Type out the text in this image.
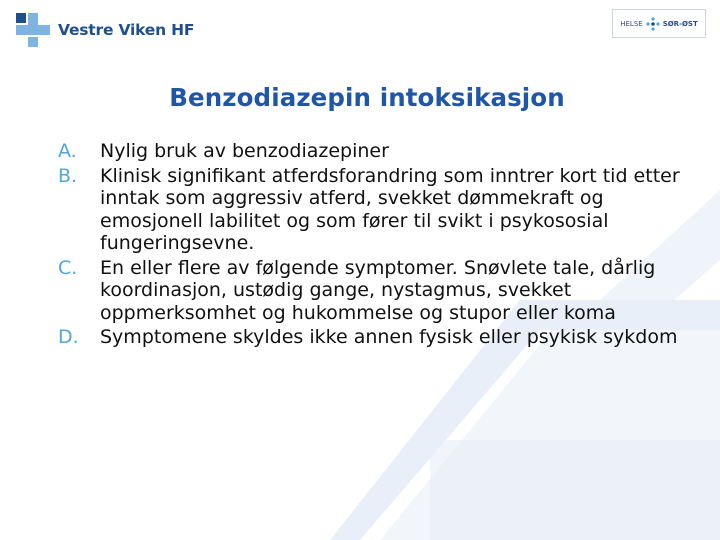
Vestre Viken HF	HELSE	SØR-ØST
Benzodiazepin intoksikasjon
A.	Nylig bruk av benzodiazepiner
B.	Klinisk signifikant atferdsforandring som inntrer kort tid etter inntak som aggressiv atferd, svekket dømmekraft og emosjonell labilitet og som fører til svikt i psykososial fungeringsevne.
C.	En eller flere av følgende symptomer. Snøvlete tale, dårlig koordinasjon, ustødig gange, nystagmus, svekket oppmerksomhet og hukommelse og stupor eller koma
D.	Symptomene skyldes ikke annen fysisk eller psykisk sykdom
